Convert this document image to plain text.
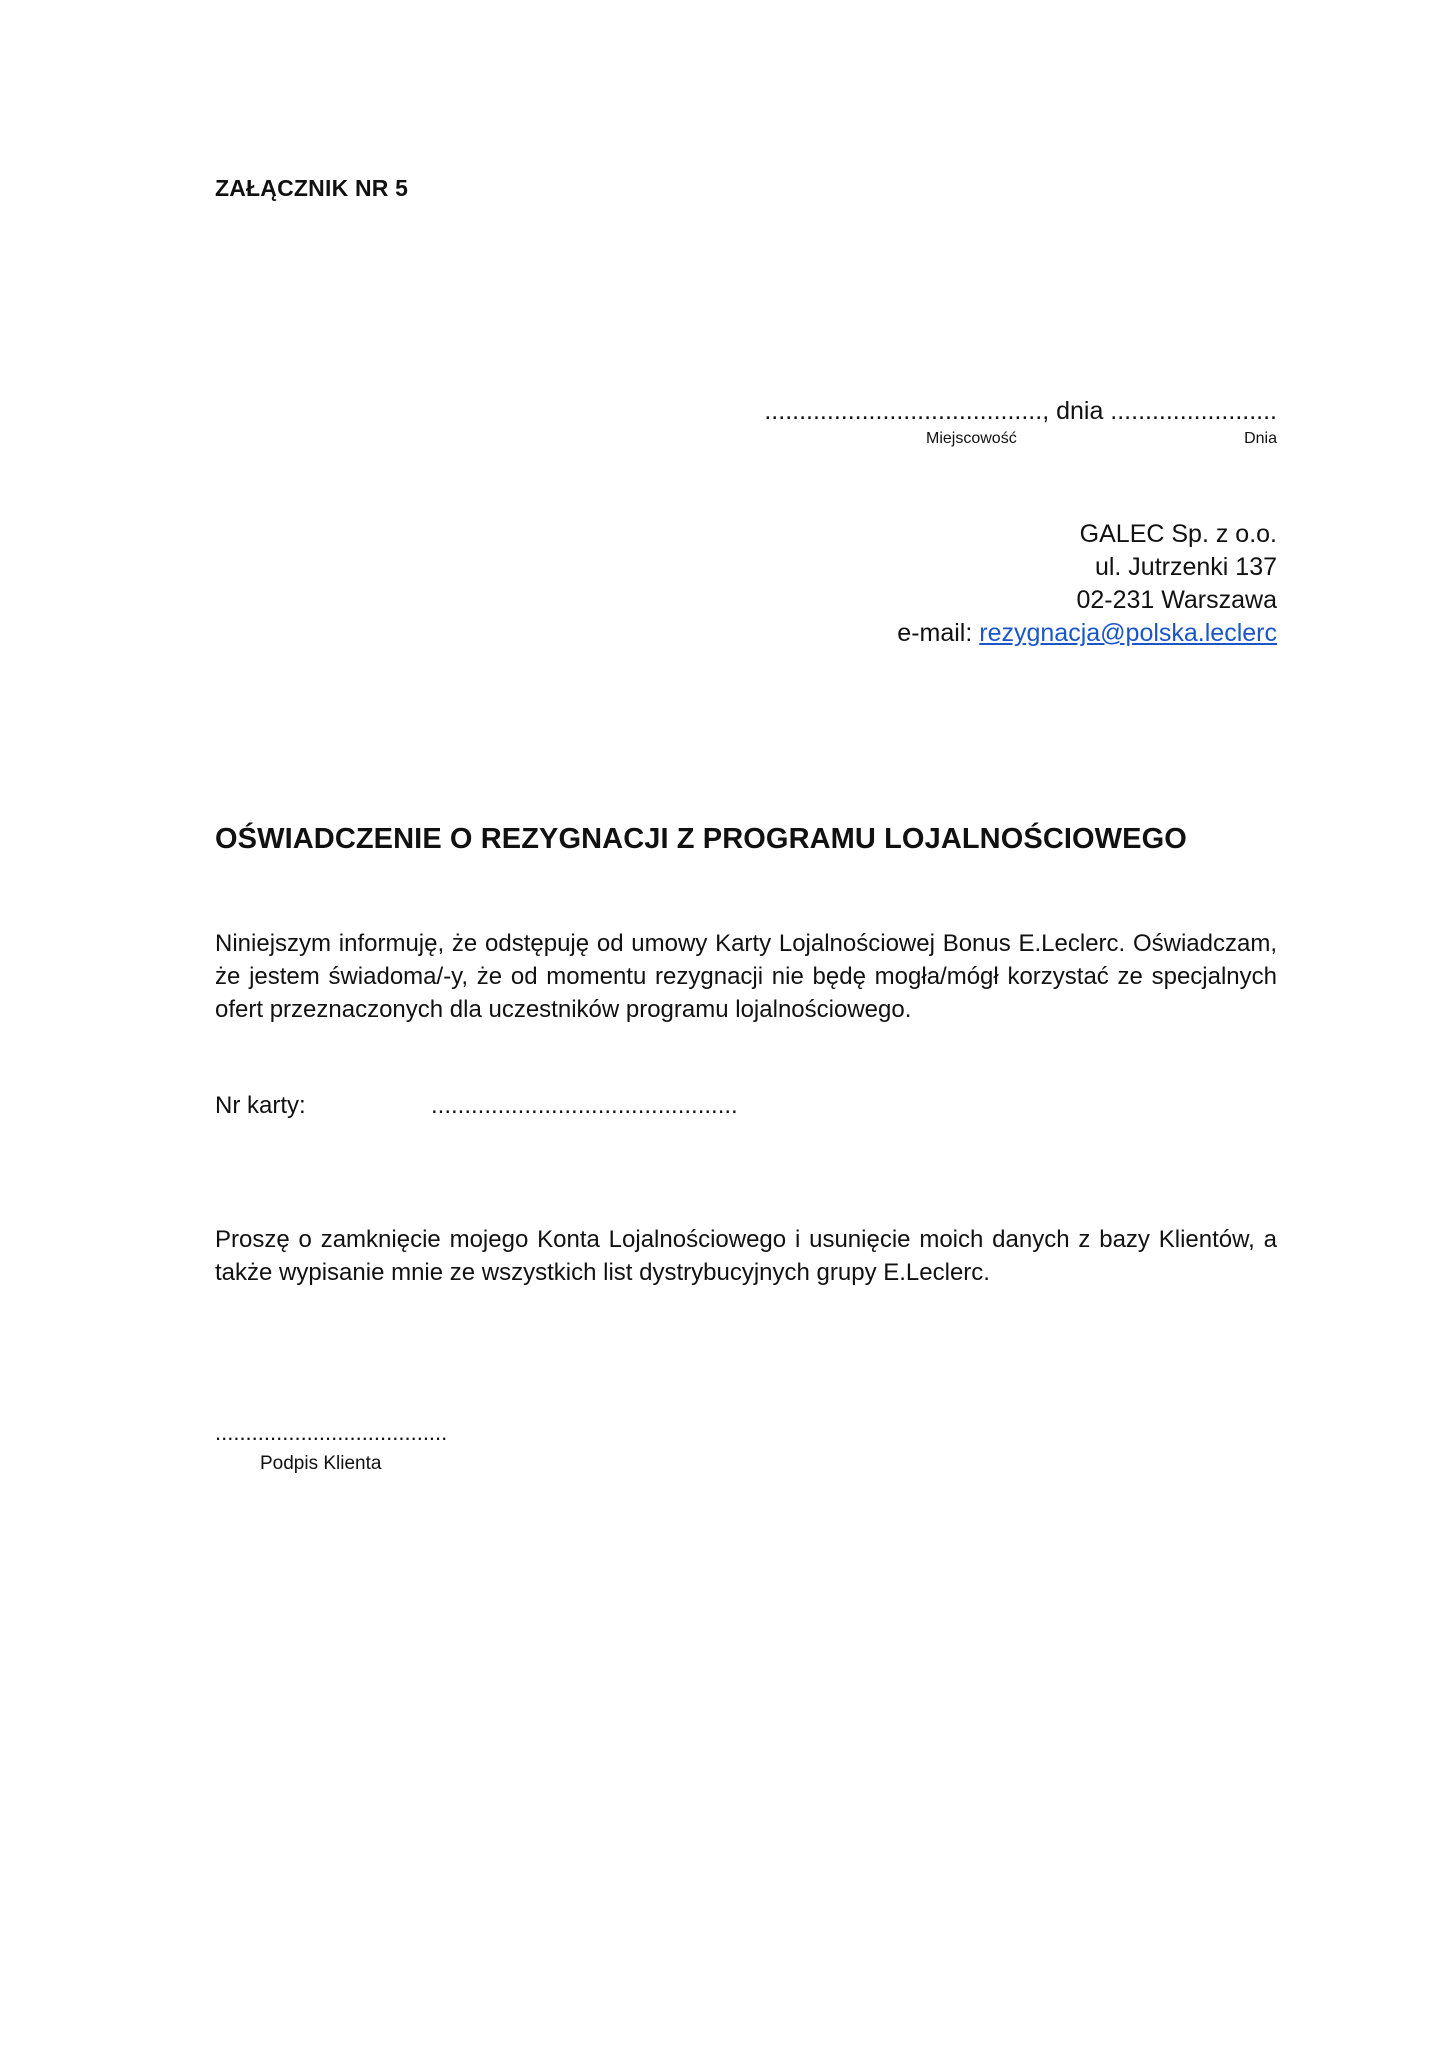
ZAŁĄCZNIK NR 5
........................................, dnia ........................
Miejscowość	Dnia
GALEC Sp. z o.o.
ul. Jutrzenki 137
02-231 Warszawa
e-mail: rezygnacja@polska.leclerc
OŚWIADCZENIE O REZYGNACJI Z PROGRAMU LOJALNOŚCIOWEGO
Niniejszym informuję, że odstępuję od umowy Karty Lojalnościowej Bonus E.Leclerc. Oświadczam, że jestem świadoma/-y, że od momentu rezygnacji nie będę mogła/mógł korzystać ze specjalnych ofert przeznaczonych dla uczestników programu lojalnościowego.
Nr karty:	..............................................
Proszę o zamknięcie mojego Konta Lojalnościowego i usunięcie moich danych z bazy Klientów, a także wypisanie mnie ze wszystkich list dystrybucyjnych grupy E.Leclerc.
......................................
Podpis Klienta
